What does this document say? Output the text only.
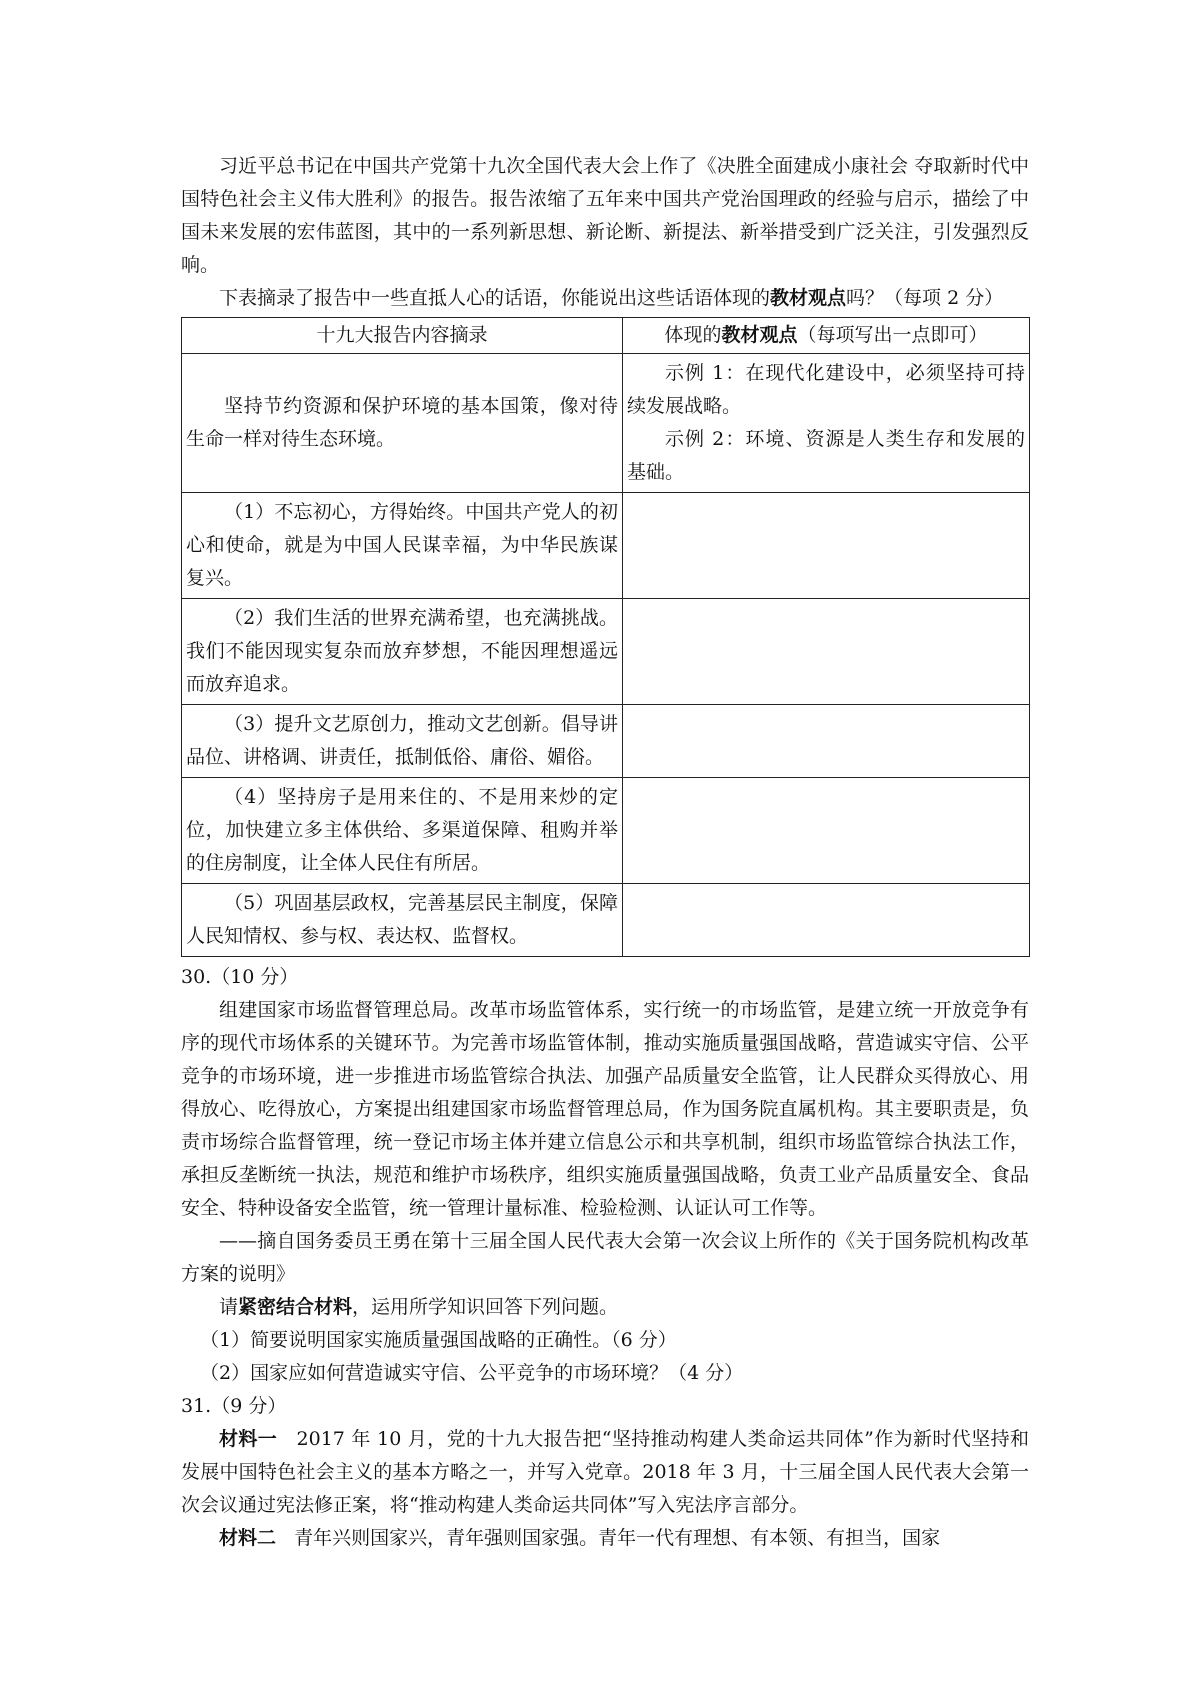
习近平总书记在中国共产党第十九次全国代表大会上作了《决胜全面建成小康社会 夺取新时代中国特色社会主义伟大胜利》的报告。报告浓缩了五年来中国共产党治国理政的经验与启示，描绘了中国未来发展的宏伟蓝图，其中的一系列新思想、新论断、新提法、新举措受到广泛关注，引发强烈反响。

下表摘录了报告中一些直抵人心的话语，你能说出这些话语体现的教材观点吗？（每项 2 分）

十九大报告内容摘录	体现的教材观点（每项写出一点即可）

坚持节约资源和保护环境的基本国策，像对待生命一样对待生态环境。	示例 1：在现代化建设中，必须坚持可持续发展战略。

示例 2：环境、资源是人类生存和发展的基础。

（1）不忘初心，方得始终。中国共产党人的初心和使命，就是为中国人民谋幸福，为中华民族谋复兴。	

（2）我们生活的世界充满希望，也充满挑战。我们不能因现实复杂而放弃梦想，不能因理想遥远而放弃追求。	

（3）提升文艺原创力，推动文艺创新。倡导讲品位、讲格调、讲责任，抵制低俗、庸俗、媚俗。	

（4）坚持房子是用来住的、不是用来炒的定位，加快建立多主体供给、多渠道保障、租购并举的住房制度，让全体人民住有所居。	

（5）巩固基层政权，完善基层民主制度，保障人民知情权、参与权、表达权、监督权。	

30.（10 分）

组建国家市场监督管理总局。改革市场监管体系，实行统一的市场监管，是建立统一开放竞争有序的现代市场体系的关键环节。为完善市场监管体制，推动实施质量强国战略，营造诚实守信、公平竞争的市场环境，进一步推进市场监管综合执法、加强产品质量安全监管，让人民群众买得放心、用得放心、吃得放心，方案提出组建国家市场监督管理总局，作为国务院直属机构。其主要职责是，负责市场综合监督管理，统一登记市场主体并建立信息公示和共享机制，组织市场监管综合执法工作，承担反垄断统一执法，规范和维护市场秩序，组织实施质量强国战略，负责工业产品质量安全、食品安全、特种设备安全监管，统一管理计量标准、检验检测、认证认可工作等。

——摘自国务委员王勇在第十三届全国人民代表大会第一次会议上所作的《关于国务院机构改革方案的说明》

请紧密结合材料，运用所学知识回答下列问题。

（1）简要说明国家实施质量强国战略的正确性。（6 分）

（2）国家应如何营造诚实守信、公平竞争的市场环境？（4 分）

31.（9 分）

材料一 2017 年 10 月，党的十九大报告把“坚持推动构建人类命运共同体”作为新时代坚持和发展中国特色社会主义的基本方略之一，并写入党章。2018 年 3 月，十三届全国人民代表大会第一次会议通过宪法修正案，将“推动构建人类命运共同体”写入宪法序言部分。

材料二 青年兴则国家兴，青年强则国家强。青年一代有理想、有本领、有担当，国家
